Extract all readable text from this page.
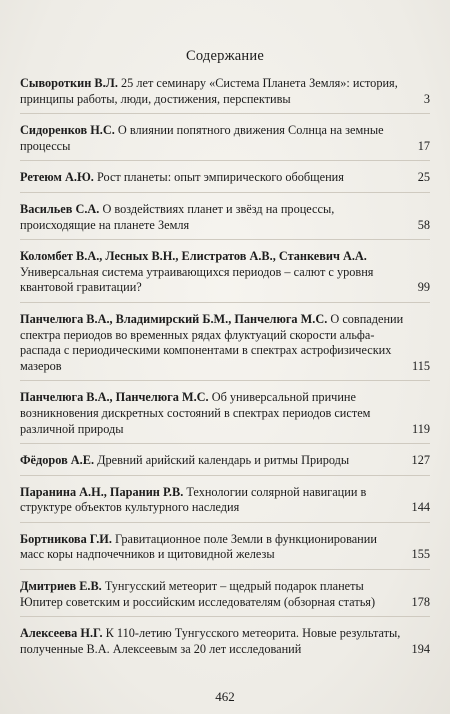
Содержание
Сывороткин В.Л. 25 лет семинару «Система Планета Земля»: история, принципы работы, люди, достижения, перспективы	3
Сидоренков Н.С. О влиянии попятного движения Солнца на земные процессы	17
Ретеюм А.Ю. Рост планеты: опыт эмпирического обобщения	25
Васильев С.А. О воздействиях планет и звёзд на процессы, происходящие на планете Земля	58
Коломбет В.А., Лесных В.Н., Елистратов А.В., Станкевич А.А. Универсальная система утраивающихся периодов – салют с уровня квантовой гравитации?	99
Панчелюга В.А., Владимирский Б.М., Панчелюга М.С. О совпадении спектра периодов во временных рядах флуктуаций скорости альфа-распада с периодическими компонентами в спектрах астрофизических мазеров	115
Панчелюга В.А., Панчелюга М.С. Об универсальной причине возникновения дискретных состояний в спектрах периодов систем различной природы	119
Фёдоров А.Е. Древний арийский календарь и ритмы Природы	127
Паранина А.Н., Паранин Р.В. Технологии солярной навигации в структуре объектов культурного наследия	144
Бортникова Г.И. Гравитационное поле Земли в функционировании масс коры надпочечников и щитовидной железы	155
Дмитриев Е.В. Тунгусский метеорит – щедрый подарок планеты Юпитер советским и российским исследователям (обзорная статья)	178
Алексеева Н.Г. К 110-летию Тунгусского метеорита. Новые результаты, полученные В.А. Алексеевым за 20 лет исследований	194
462
